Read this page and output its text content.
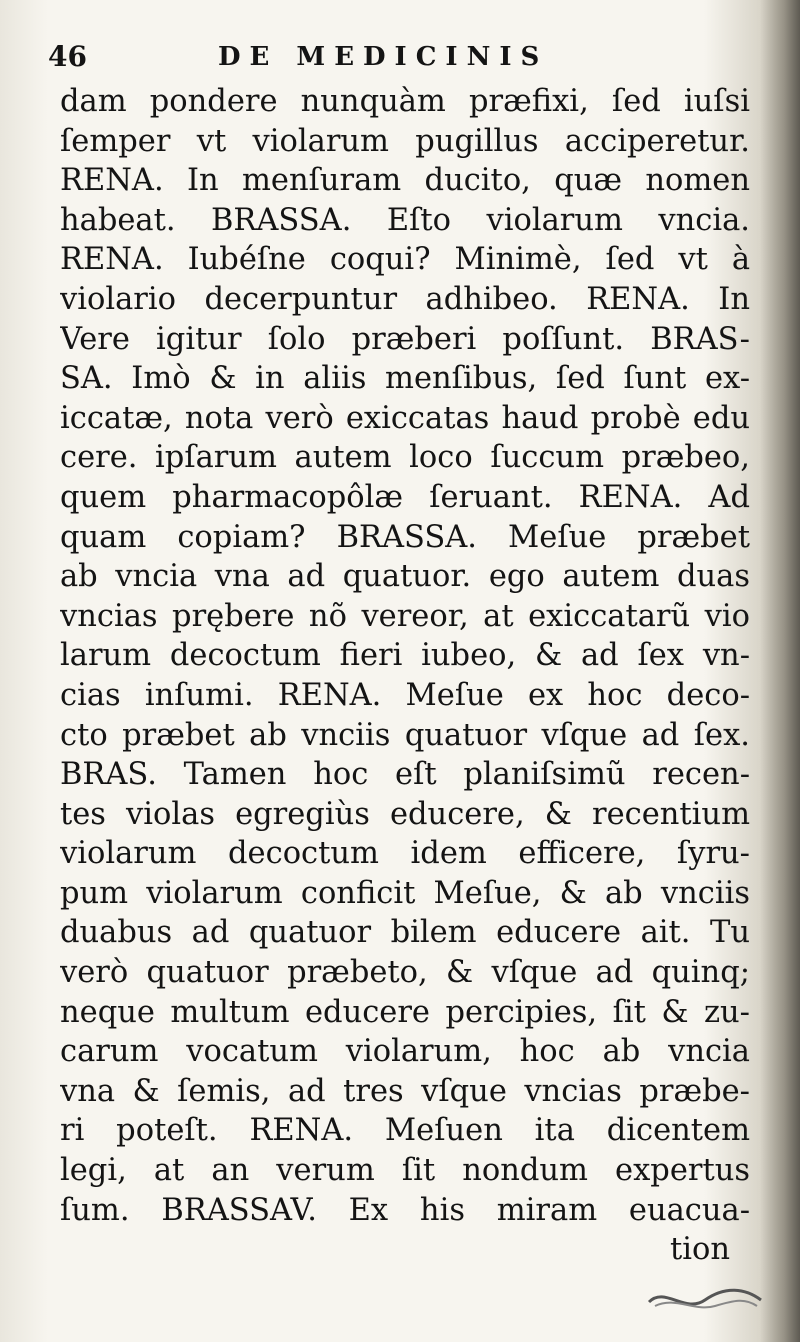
46	DE MEDICINIS
dam pondere nunquàm præfixi, ſed iuſsi
ſemper vt violarum pugillus acciperetur.
RENA. In menſuram ducito, quæ nomen
habeat. BRASSA. Eſto violarum vncia.
RENA. Iubéſne coqui? Minimè, ſed vt à
violario decerpuntur adhibeo. RENA. In
Vere igitur ſolo præberi poſſunt. BRAS-
SA. Imò & in aliis menſibus, ſed ſunt ex-
iccatæ, nota verò exiccatas haud probè edu
cere. ipſarum autem loco ſuccum præbeo,
quem pharmacopôlæ ſeruant. RENA. Ad
quam copiam? BRASSA. Meſue præbet
ab vncia vna ad quatuor. ego autem duas
vncias prębere nõ vereor, at exiccatarũ vio
larum decoctum fieri iubeo, & ad ſex vn-
cias inſumi. RENA. Meſue ex hoc deco-
cto præbet ab vnciis quatuor vſque ad ſex.
BRAS. Tamen hoc eſt planiſsimũ recen-
tes violas egregiùs educere, & recentium
violarum decoctum idem efficere, ſyru-
pum violarum conficit Meſue, & ab vnciis
duabus ad quatuor bilem educere ait. Tu
verò quatuor præbeto, & vſque ad quinq;
neque multum educere percipies, ſit & zu-
carum vocatum violarum, hoc ab vncia
vna & ſemis, ad tres vſque vncias præbe-
ri poteſt. RENA. Meſuen ita dicentem
legi, at an verum ſit nondum expertus
ſum. BRASSAV. Ex his miram euacua-
tion
